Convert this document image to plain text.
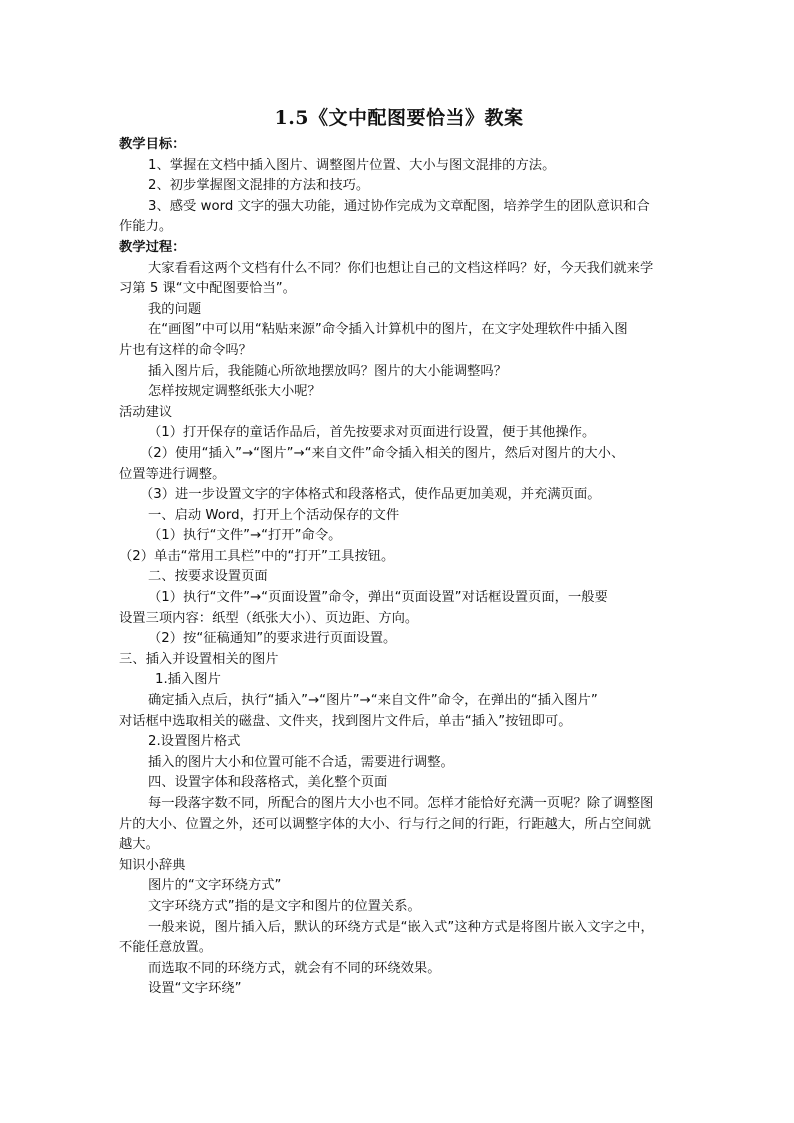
1.5《文中配图要恰当》教案
教学目标：
1、掌握在文档中插入图片、调整图片位置、大小与图文混排的方法。
2、初步掌握图文混排的方法和技巧。
3、感受 word 文字的强大功能，通过协作完成为文章配图，培养学生的团队意识和合
作能力。
教学过程：
大家看看这两个文档有什么不同？你们也想让自己的文档这样吗？好，今天我们就来学
习第 5 课“文中配图要恰当”。
我的问题
在“画图”中可以用“粘贴来源”命令插入计算机中的图片，在文字处理软件中插入图
片也有这样的命令吗？
插入图片后，我能随心所欲地摆放吗？图片的大小能调整吗？
怎样按规定调整纸张大小呢？
活动建议
（1）打开保存的童话作品后，首先按要求对页面进行设置，便于其他操作。
（2）使用“插入”→“图片”→“来自文件”命令插入相关的图片，然后对图片的大小、
位置等进行调整。
（3）进一步设置文字的字体格式和段落格式，使作品更加美观，并充满页面。
一、启动 Word，打开上个活动保存的文件
（1）执行“文件”→“打开”命令。
（2）单击“常用工具栏”中的“打开”工具按钮。
二、按要求设置页面
（1）执行“文件”→“页面设置”命令，弹出“页面设置”对话框设置页面，一般要
设置三项内容：纸型（纸张大小）、页边距、方向。
（2）按“征稿通知”的要求进行页面设置。
三、插入并设置相关的图片
1.插入图片
确定插入点后，执行“插入”→“图片”→“来自文件”命令，在弹出的“插入图片”
对话框中选取相关的磁盘、文件夹，找到图片文件后，单击“插入”按钮即可。
2.设置图片格式
插入的图片大小和位置可能不合适，需要进行调整。
四、设置字体和段落格式，美化整个页面
每一段落字数不同，所配合的图片大小也不同。怎样才能恰好充满一页呢？除了调整图
片的大小、位置之外，还可以调整字体的大小、行与行之间的行距，行距越大，所占空间就
越大。
知识小辞典
图片的“文字环绕方式”
文字环绕方式”指的是文字和图片的位置关系。
一般来说，图片插入后，默认的环绕方式是“嵌入式”这种方式是将图片嵌入文字之中，
不能任意放置。
而选取不同的环绕方式，就会有不同的环绕效果。
设置“文字环绕”
